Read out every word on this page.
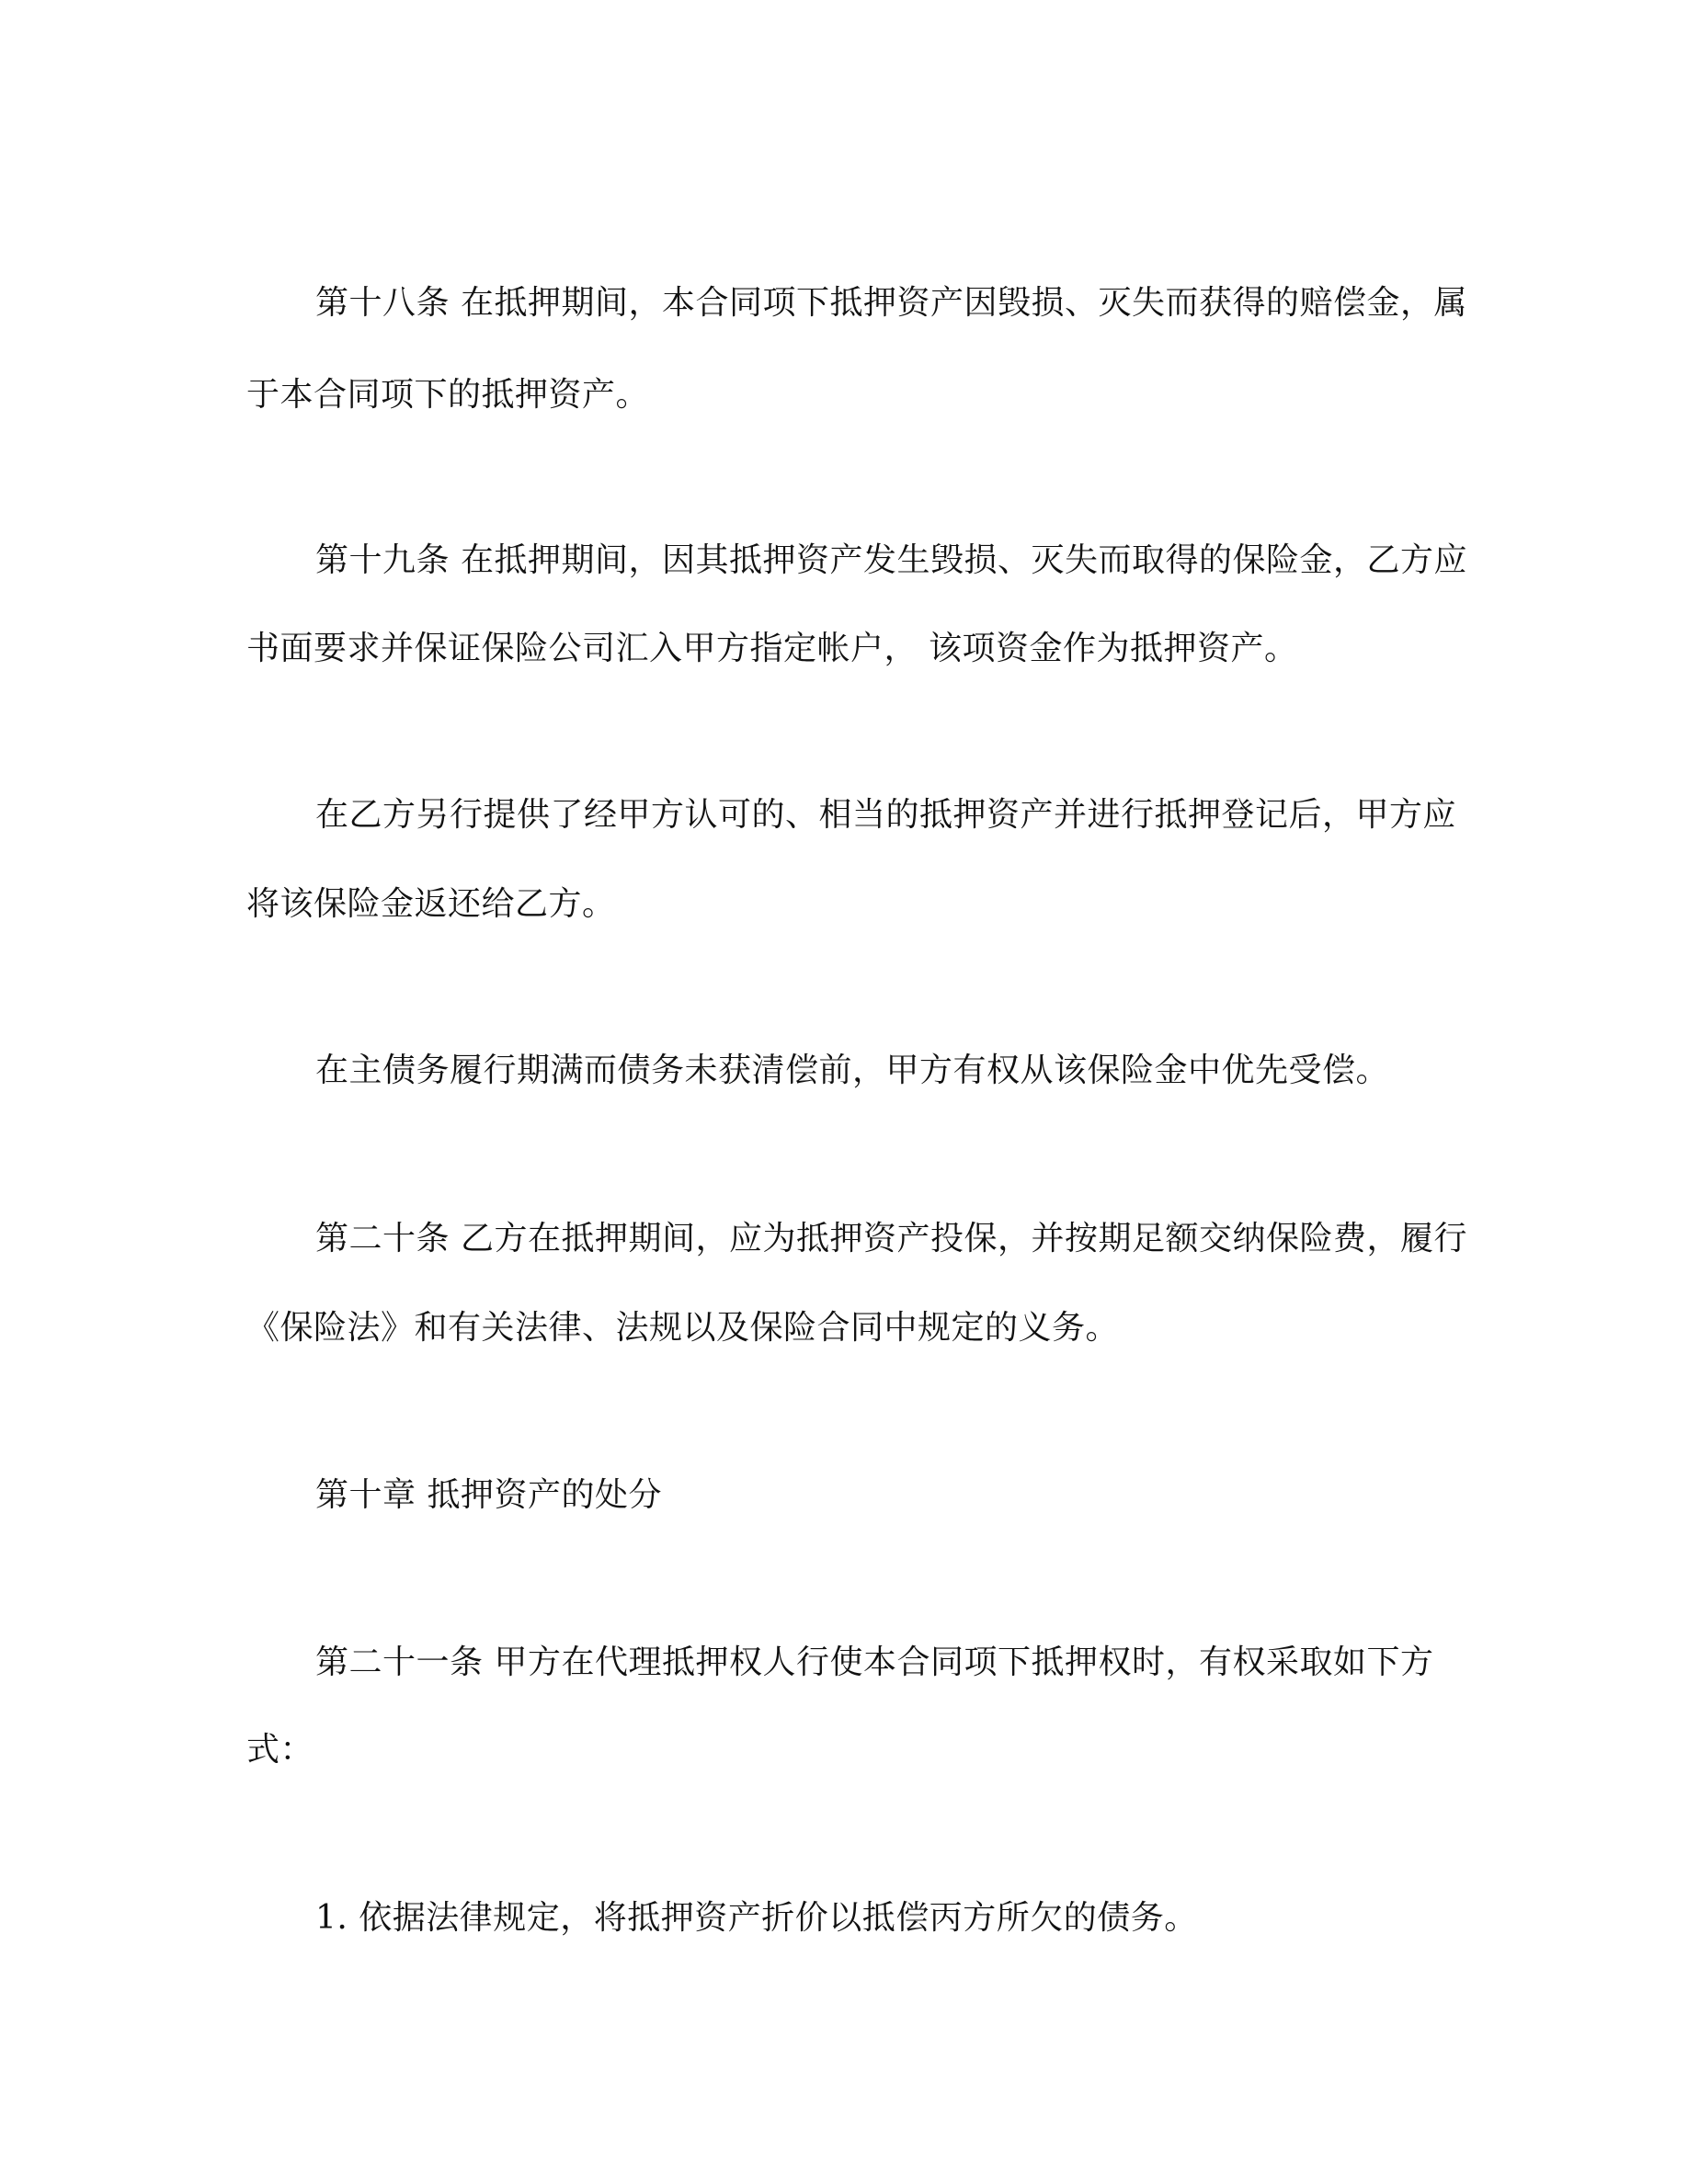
第十八条 在抵押期间，本合同项下抵押资产因毁损、灭失而获得的赔偿金，属
于本合同项下的抵押资产。
第十九条 在抵押期间，因其抵押资产发生毁损、灭失而取得的保险金，乙方应
书面要求并保证保险公司汇入甲方指定帐户， 该项资金作为抵押资产。
在乙方另行提供了经甲方认可的、相当的抵押资产并进行抵押登记后，甲方应
将该保险金返还给乙方。
在主债务履行期满而债务未获清偿前，甲方有权从该保险金中优先受偿。
第二十条 乙方在抵押期间，应为抵押资产投保，并按期足额交纳保险费，履行
《保险法》和有关法律、法规以及保险合同中规定的义务。
第十章 抵押资产的处分
第二十一条 甲方在代理抵押权人行使本合同项下抵押权时，有权采取如下方
式：
1. 依据法律规定，将抵押资产折价以抵偿丙方所欠的债务。
